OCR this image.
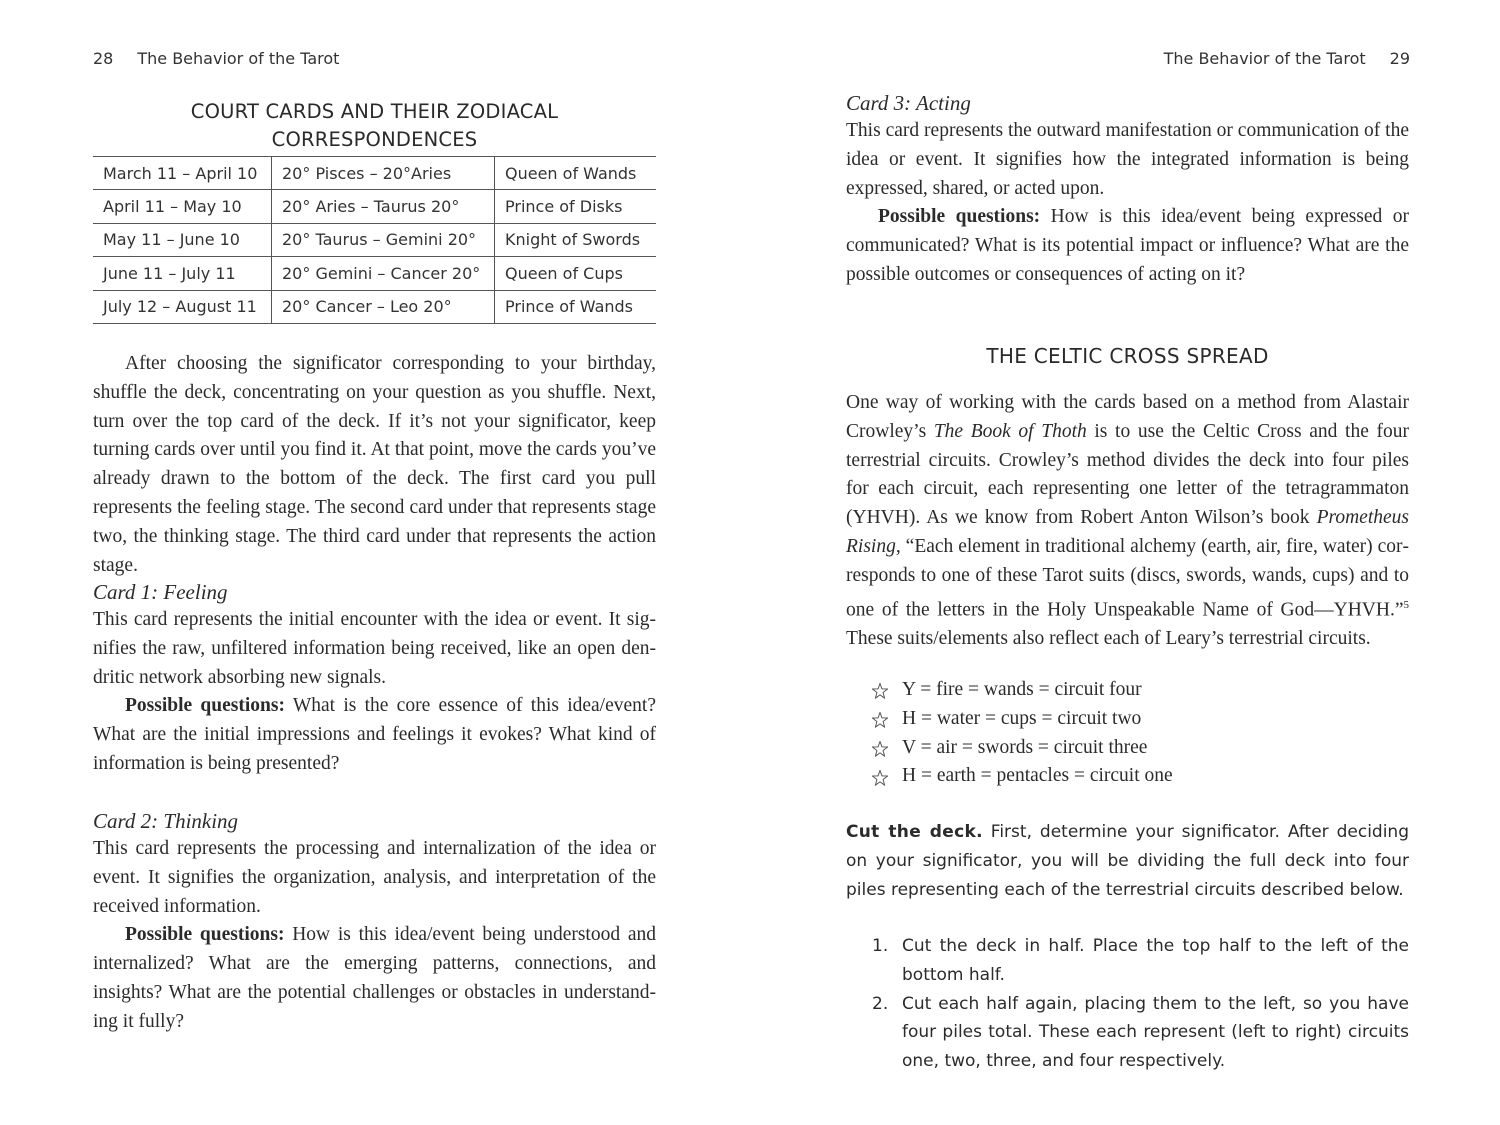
28 The Behavior of the Tarot
COURT CARDS AND THEIR ZODIACAL
CORRESPONDENCES
March 11 – April 10	20° Pisces – 20°Aries	Queen of Wands
April 11 – May 10	20° Aries – Taurus 20°	Prince of Disks
May 11 – June 10	20° Taurus – Gemini 20°	Knight of Swords
June 11 – July 11	20° Gemini – Cancer 20°	Queen of Cups
July 12 – August 11	20° Cancer – Leo 20°	Prince of Wands

After choosing the significator corresponding to your birthday, shuffle the deck, concentrating on your question as you shuffle. Next, turn over the top card of the deck. If it’s not your significator, keep turning cards over until you find it. At that point, move the cards you’ve already drawn to the bottom of the deck. The first card you pull represents the feeling stage. The second card under that represents stage two, the thinking stage. The third card under that represents the action stage.

Card 1: Feeling

This card represents the initial encounter with the idea or event. It signifies the raw, unfiltered information being received, like an open dendritic network absorbing new signals.

Possible questions: What is the core essence of this idea/event? What are the initial impressions and feelings it evokes? What kind of information is being presented?

Card 2: Thinking

This card represents the processing and internalization of the idea or event. It signifies the organization, analysis, and interpretation of the received information.

Possible questions: How is this idea/event being understood and internalized? What are the emerging patterns, connections, and insights? What are the potential challenges or obstacles in understanding it fully?

The Behavior of the Tarot 29

Card 3: Acting

This card represents the outward manifestation or communication of the idea or event. It signifies how the integrated information is being expressed, shared, or acted upon.

Possible questions: How is this idea/event being expressed or communicated? What is its potential impact or influence? What are the possible outcomes or consequences of acting on it?

THE CELTIC CROSS SPREAD

One way of working with the cards based on a method from Alastair Crowley’s The Book of Thoth is to use the Celtic Cross and the four terrestrial circuits. Crowley’s method divides the deck into four piles for each circuit, each representing one letter of the tetragrammaton (YHVH). As we know from Robert Anton Wilson’s book Prometheus Rising, “Each element in traditional alchemy (earth, air, fire, water) corresponds to one of these Tarot suits (discs, swords, wands, cups) and to one of the letters in the Holy Unspeakable Name of God—YHVH.”$^5$ These suits/elements also reflect each of Leary’s terrestrial circuits.

Y = fire = wands = circuit four
H = water = cups = circuit two
V = air = swords = circuit three
H = earth = pentacles = circuit one
Cut the deck. First, determine your significator. After deciding on your significator, you will be dividing the full deck into four piles representing each of the terrestrial circuits described below.
1. Cut the deck in half. Place the top half to the left of the bottom half.
2. Cut each half again, placing them to the left, so you have four piles total. These each represent (left to right) circuits one, two, three, and four respectively.
